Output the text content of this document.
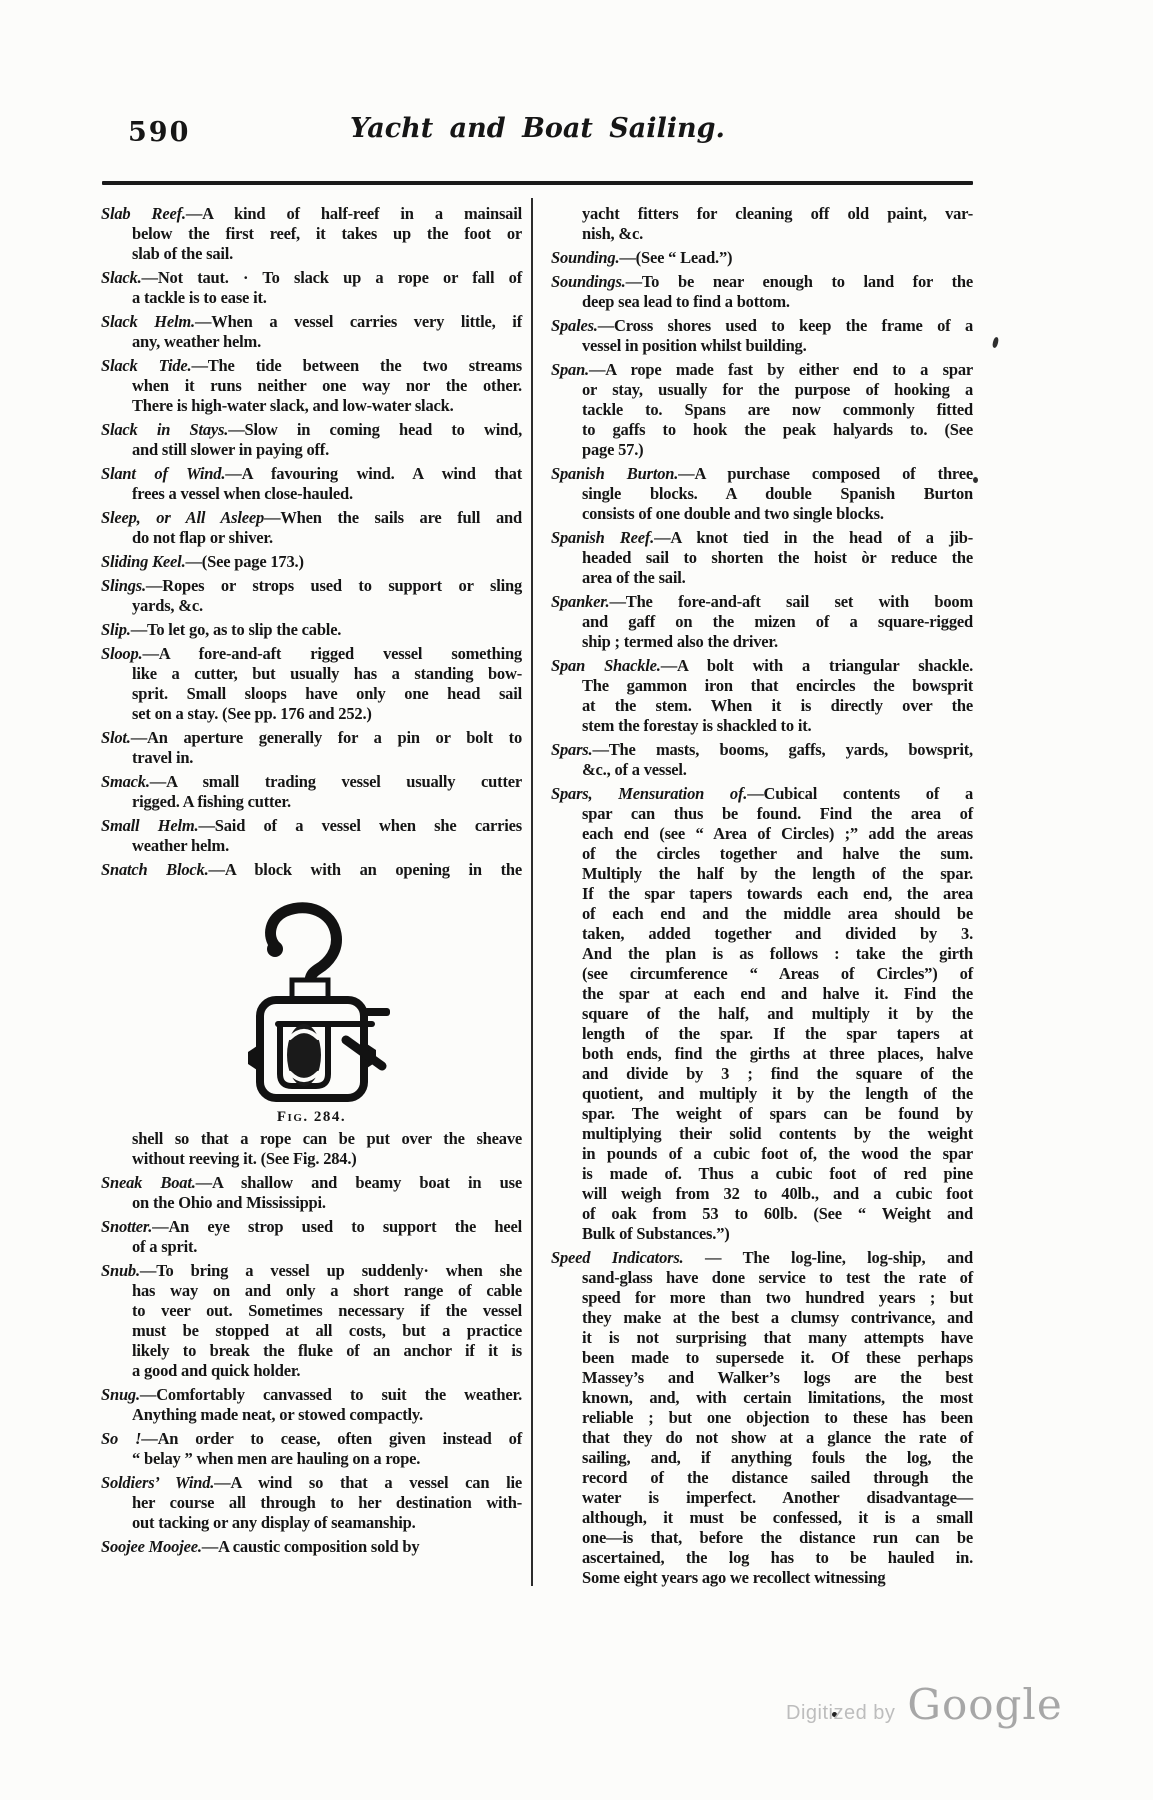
590	Yacht and Boat Sailing.
Slab Reef.—A kind of half-reef in a mainsail
below the first reef, it takes up the foot or
slab of the sail.
Slack.—Not taut. · To slack up a rope or fall of
a tackle is to ease it.
Slack Helm.—When a vessel carries very little, if
any, weather helm.
Slack Tide.—The tide between the two streams
when it runs neither one way nor the other.
There is high-water slack, and low-water slack.
Slack in Stays.—Slow in coming head to wind,
and still slower in paying off.
Slant of Wind.—A favouring wind. A wind that
frees a vessel when close-hauled.
Sleep, or All Asleep—When the sails are full and
do not flap or shiver.
Sliding Keel.—(See page 173.)
Slings.—Ropes or strops used to support or sling
yards, &c.
Slip.—To let go, as to slip the cable.
Sloop.—A fore-and-aft rigged vessel something
like a cutter, but usually has a standing bow-
sprit. Small sloops have only one head sail
set on a stay. (See pp. 176 and 252.)
Slot.—An aperture generally for a pin or bolt to
travel in.
Smack.—A small trading vessel usually cutter
rigged. A fishing cutter.
Small Helm.—Said of a vessel when she carries
weather helm.
Snatch Block.—A block with an opening in the
Fig. 284.
shell so that a rope can be put over the sheave
without reeving it. (See Fig. 284.)
Sneak Boat.—A shallow and beamy boat in use
on the Ohio and Mississippi.
Snotter.—An eye strop used to support the heel
of a sprit.
Snub.—To bring a vessel up suddenly· when she
has way on and only a short range of cable
to veer out. Sometimes necessary if the vessel
must be stopped at all costs, but a practice
likely to break the fluke of an anchor if it is
a good and quick holder.
Snug.—Comfortably canvassed to suit the weather.
Anything made neat, or stowed compactly.
So !—An order to cease, often given instead of
“ belay ” when men are hauling on a rope.
Soldiers’ Wind.—A wind so that a vessel can lie
her course all through to her destination with-
out tacking or any display of seamanship.
Soojee Moojee.—A caustic composition sold by
yacht fitters for cleaning off old paint, var-
nish, &c.
Sounding.—(See “ Lead.”)
Soundings.—To be near enough to land for the
deep sea lead to find a bottom.
Spales.—Cross shores used to keep the frame of a
vessel in position whilst building.
Span.—A rope made fast by either end to a spar
or stay, usually for the purpose of hooking a
tackle to. Spans are now commonly fitted
to gaffs to hook the peak halyards to. (See
page 57.)
Spanish Burton.—A purchase composed of three
single blocks. A double Spanish Burton
consists of one double and two single blocks.
Spanish Reef.—A knot tied in the head of a jib-
headed sail to shorten the hoist òr reduce the
area of the sail.
Spanker.—The fore-and-aft sail set with boom
and gaff on the mizen of a square-rigged
ship ; termed also the driver.
Span Shackle.—A bolt with a triangular shackle.
The gammon iron that encircles the bowsprit
at the stem. When it is directly over the
stem the forestay is shackled to it.
Spars.—The masts, booms, gaffs, yards, bowsprit,
&c., of a vessel.
Spars, Mensuration of.—Cubical contents of a
spar can thus be found. Find the area of
each end (see “ Area of Circles) ;” add the areas
of the circles together and halve the sum.
Multiply the half by the length of the spar.
If the spar tapers towards each end, the area
of each end and the middle area should be
taken, added together and divided by 3.
And the plan is as follows : take the girth
(see circumference “ Areas of Circles”) of
the spar at each end and halve it. Find the
square of the half, and multiply it by the
length of the spar. If the spar tapers at
both ends, find the girths at three places, halve
and divide by 3 ; find the square of the
quotient, and multiply it by the length of the
spar. The weight of spars can be found by
multiplying their solid contents by the weight
in pounds of a cubic foot of, the wood the spar
is made of. Thus a cubic foot of red pine
will weigh from 32 to 40lb., and a cubic foot
of oak from 53 to 60lb. (See “ Weight and
Bulk of Substances.”)
Speed Indicators. — The log-line, log-ship, and
sand-glass have done service to test the rate of
speed for more than two hundred years ; but
they make at the best a clumsy contrivance, and
it is not surprising that many attempts have
been made to supersede it. Of these perhaps
Massey’s and Walker’s logs are the best
known, and, with certain limitations, the most
reliable ; but one objection to these has been
that they do not show at a glance the rate of
sailing, and, if anything fouls the log, the
record of the distance sailed through the
water is imperfect. Another disadvantage—
although, it must be confessed, it is a small
one—is that, before the distance run can be
ascertained, the log has to be hauled in.
Some eight years ago we recollect witnessing
Digitized by Google
